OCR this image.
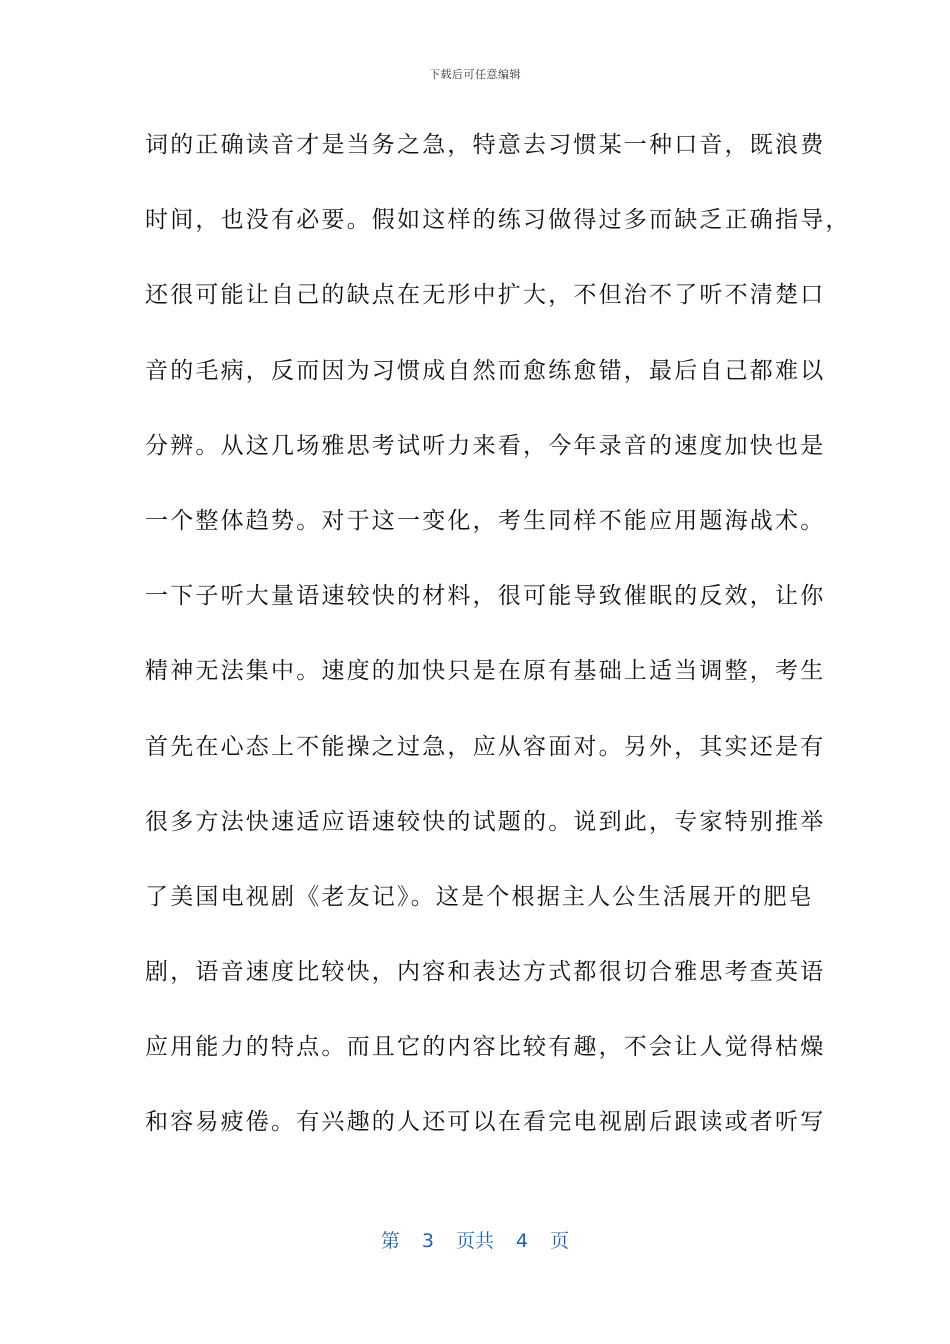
下载后可任意编辑
词的正确读音才是当务之急，特意去习惯某一种口音，既浪费
时间，也没有必要。假如这样的练习做得过多而缺乏正确指导，
还很可能让自己的缺点在无形中扩大，不但治不了听不清楚口
音的毛病，反而因为习惯成自然而愈练愈错，最后自己都难以
分辨。从这几场雅思考试听力来看，今年录音的速度加快也是
一个整体趋势。对于这一变化，考生同样不能应用题海战术。
一下子听大量语速较快的材料，很可能导致催眠的反效，让你
精神无法集中。速度的加快只是在原有基础上适当调整，考生
首先在心态上不能操之过急，应从容面对。另外，其实还是有
很多方法快速适应语速较快的试题的。说到此，专家特别推举
了美国电视剧《老友记》。这是个根据主人公生活展开的肥皂
剧，语音速度比较快，内容和表达方式都很切合雅思考查英语
应用能力的特点。而且它的内容比较有趣，不会让人觉得枯燥
和容易疲倦。有兴趣的人还可以在看完电视剧后跟读或者听写
第 3 页共 4 页
